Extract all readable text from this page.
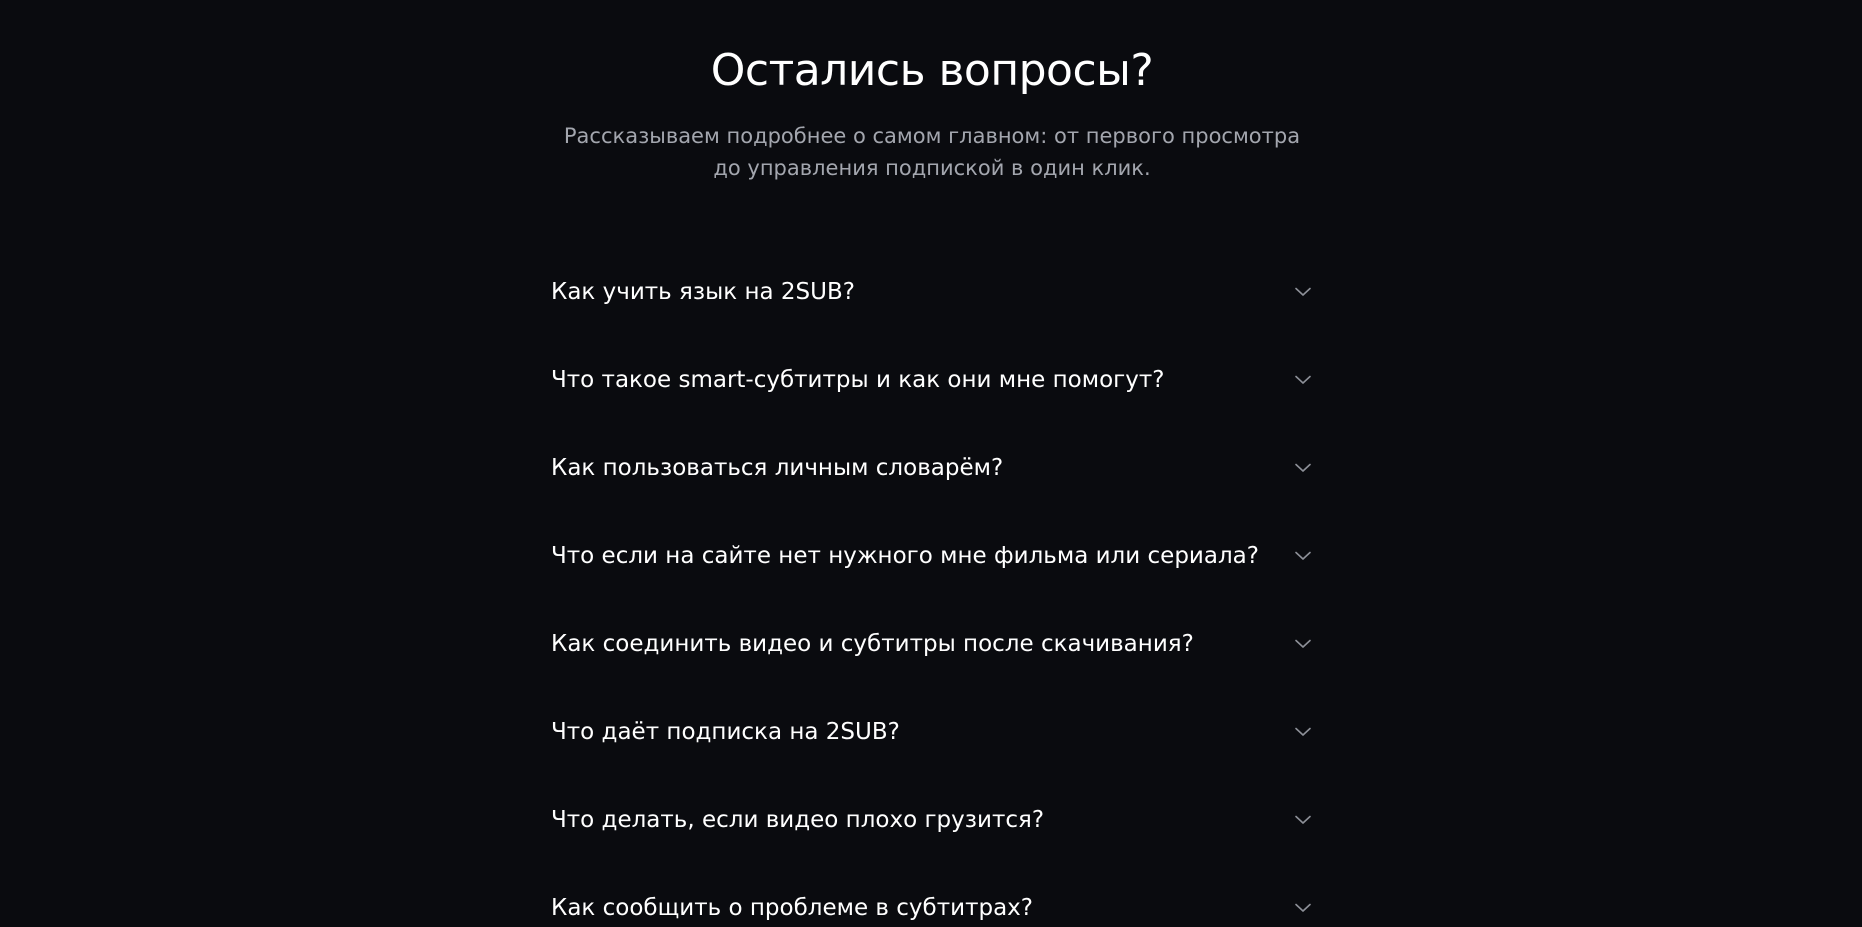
Остались вопросы?

Рассказываем подробнее о самом главном: от первого просмотра
до управления подпиской в один клик.

Как учить язык на 2SUB?
Что такое smart-субтитры и как они мне помогут?
Как пользоваться личным словарём?
Что если на сайте нет нужного мне фильма или сериала?
Как соединить видео и субтитры после скачивания?
Что даёт подписка на 2SUB?
Что делать, если видео плохо грузится?
Как сообщить о проблеме в субтитрах?
